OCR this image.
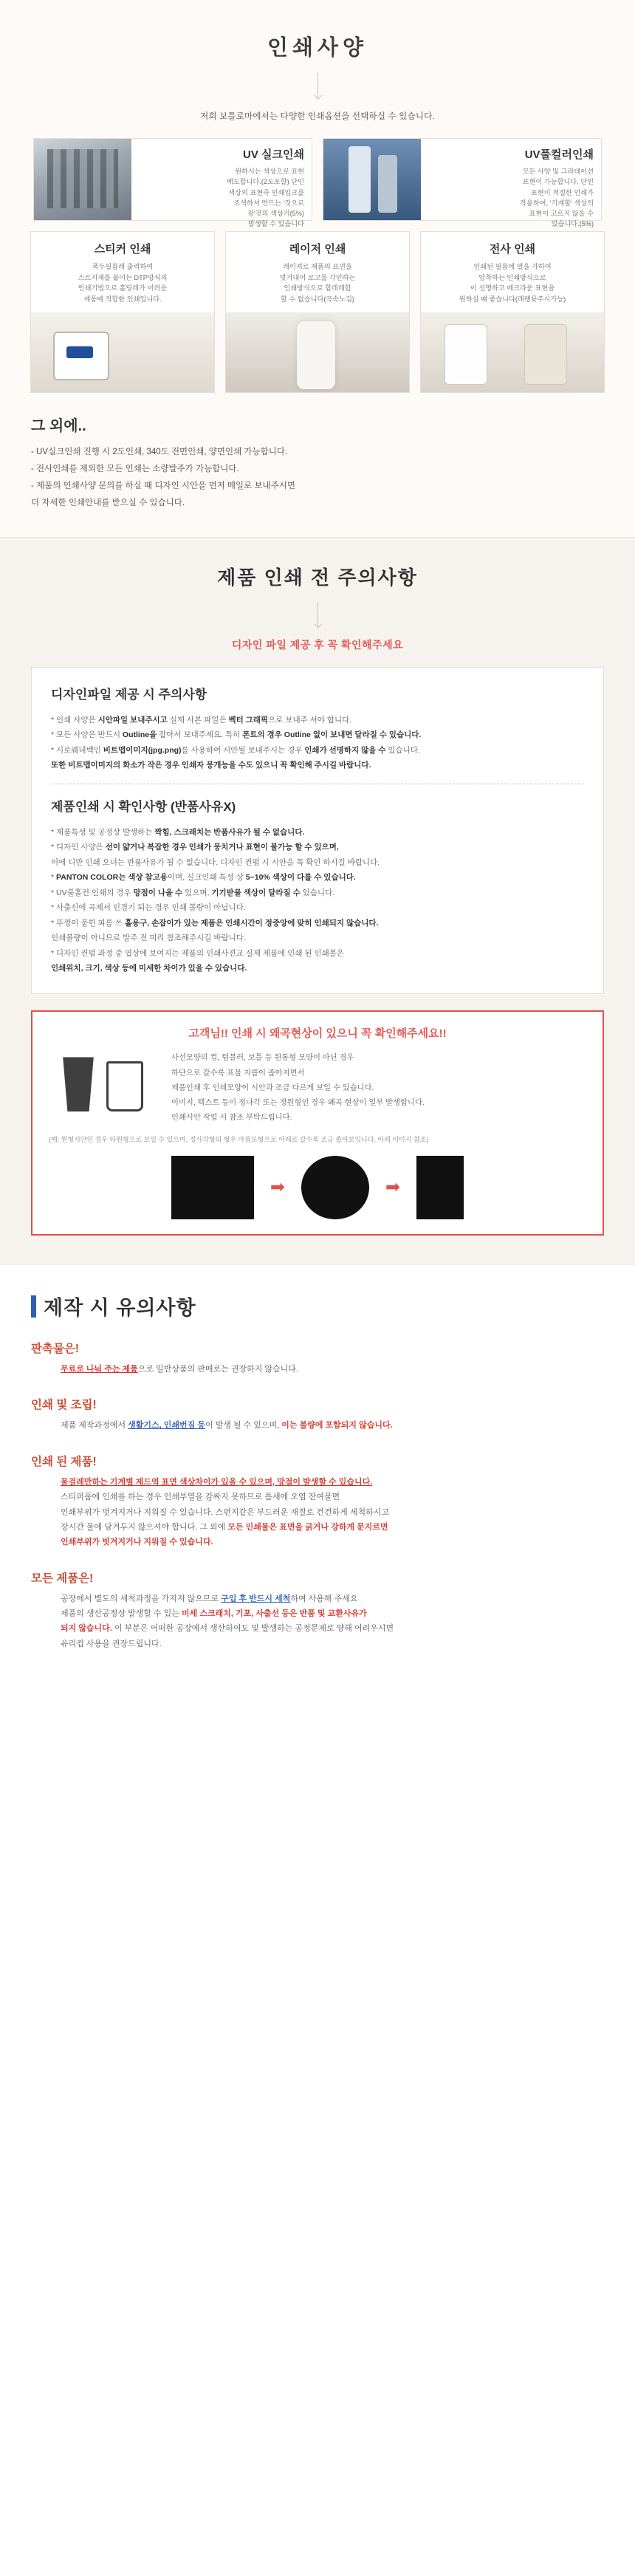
인쇄사양

저희 보틀로마에서는 다양한 인쇄옵션을 선택하실 수 있습니다.

UV 실크인쇄
원하시는 색상으로 표현
배도합니다.(2도포할) 단인
색상의 표현즉 인쇄입크를
조색하셔 만드는 '것으로
광'것의 색상거(5%)
발생할 수 있습니다
UV풀컬러인쇄
모든 사양 및 그라데이션
표현이 가능합니다. 단인
표현이 적절한 인쇄가
작용하여, '기계할' 색상의
표현이 고르지 않을 수
있습니다.(5%)
스티커 인쇄
폭두필름레 출력하여
스트지제를 붙이는 DTP방식의
인쇄기법으로 홀딩레가 어려운
제품에 적합한 인쇄입니다.
레이저 인쇄
레이져로 제품의 표면을
벗겨내어 로고를 각인하는
인쇄방식으로 합레레합
할 수 없습니다(곡속노깁)
전사 인쇄
인쇄된 필름에 열을 가하여
압착하는 인쇄방식으로
이 선명하고 베크라운 표현을
원하실 때 좋습니다(래팽뮷주시가능)
그 외에..
- UV실크인쇄 진행 시 2도인쇄, 340도 전면인쇄, 양면인쇄 가능합니다.
- 전사인쇄를 제외한 모든 인쇄는 소량발주가 가능합니다.
- 제품의 인쇄사양 문의를 하실 때 디자인 시안을 먼저 메일로 보내주시면
더 자세한 인쇄안내를 받으실 수 있습니다.
제품 인쇄 전 주의사항
디자인 파일 제공 후 꼭 확인해주세요
디자인파일 제공 시 주의사항
* 인쇄 사양은 시안파일 보내주시고 실제 사본 파일은 벡터 그래픽으로 보내주 셔야 합니다.
* 모든 사양은 반드시 Outline을 잡아서 보내주세요. 특히 폰트의 경우 Outline 없이 보내면 달라질 수 있습니다.
* 시로웨내백인 비트맵이미지(jpg.png)를 사용하여 시안될 보내주시는 경우 인쇄가 선명하지 않을 수 있습니다.
또한 비트맵이미지의 화소가 작은 경우 인쇄자 뭉개능을 수도 있으니 꼭 확인해 주시길 바랍니다.
제품인쇄 시 확인사항 (반품사유X)
* 제품특성 및 공정상 발생하는 짝힘, 스크래치는 반품사유가 될 수 없습니다.
* 디자인 사양은 선이 얇거나 복잡한 경우 인쇄가 뭉치거나 표현이 불가능 할 수 있으며,
이에 디만 인쇄 오녀는 반품사유가 될 수 없습니다. 디자인 컨펌 시 시안을 꼭 확인 하시길 바랍니다.
* PANTON COLOR는 색상 참고용이며, 실크인쇄 특성 상 5~10% 색상이 다를 수 있습니다.
* UV불홀컨 인쇄의 경우 망점이 나올 수 있으며, 기기받물 색상이 달라질 수 있습니다.
* 사출신에 곡제서 인경기 되는 경우 인쇄 볼량이 아닙니다.
* 뚜껑이 붙힌 피름 쓰 홀용구, 손잡이가 있는 제품은 인쇄시간이 정중앙에 맞히 인쇄되지 않습니다.
인쇄볼량이 아니므로 발주 전 미리 참조해주시길 바랍니다.
* 디자인 컨펌 과정 중 엽상에 보여지는 제품의 인쇄사진교 실제 제품에 인쇄 된 인쇄볼은
인쇄위치, 크기, 색상 등에 미세한 차이가 있을 수 있습니다.
고객님!! 인쇄 시 왜곡현상이 있으니 꼭 확인해주세요!!
사선모양의 컵, 텀블러, 보틀 등 원통형 모양이 아닌 경우
하단으로 갈수록 표물 지름이 좁아지면서
제품인쇄 후 인쇄모양이 시안과 조금 다르게 보일 수 있습니다.
이미지, 텍스트 등이 정나각 또는 정원형인 경우 왜곡 현상이 일부 발생합니다.
인쇄시안 작업 시 참조 부탁드립니다.
(예: 원형시안인 경우 타원형으로 보일 수 있으며, 정사각형의 형우 마름모형으로 아래로 갈수록 조금 좁아보입니다. 아래 이미지 참조)
➡	➡
제작 시 유의사항
판촉물은!
무료로 나눠 주는 제품으로 일반상품의 판매로는 권장하지 않습니다.
인쇄 및 조립!
제품 제작과정에서 생활기스, 인쇄번짐 등이 발생 될 수 있으며, 이는 불량에 포함되지 않습니다.
인쇄 된 제품!
물걸레만하는 기계별 제드역 표면 색상차이가 있을 수 있으며, 망점이 발생할 수 있습니다.
스티퍼품에 인쇄를 하는 경우 인쇄부열을 감싸지 못하므로 틈새에 오염 잔여물면
인쇄부위가 벗겨지거나 지워질 수 있습니다. 스펀지같은 부드러운 재질로 건건하게 세척하시고
장시간 물에 담겨두지 않으셔야 합니다. 그 외에 모든 인쇄물은 표면을 긁거나 강하게 문지르면
인쇄부위가 벗겨지거나 지워질 수 있습니다.
모든 제품은!
공장에서 별도의 세척과정을 가지지 않으므로 구입 후 반드시 세척하여 사용해 주세요
제품의 생산공정상 발생할 수 있는 미세 스크래치, 기포, 사출선 등은 반품 및 교환사유가
되지 않습니다. 이 부분은 어떠한 공장에서 생산하여도 및 발생하는 공정문제로 양해 어려우시면
유리컵 사용을 권장드립니다.
